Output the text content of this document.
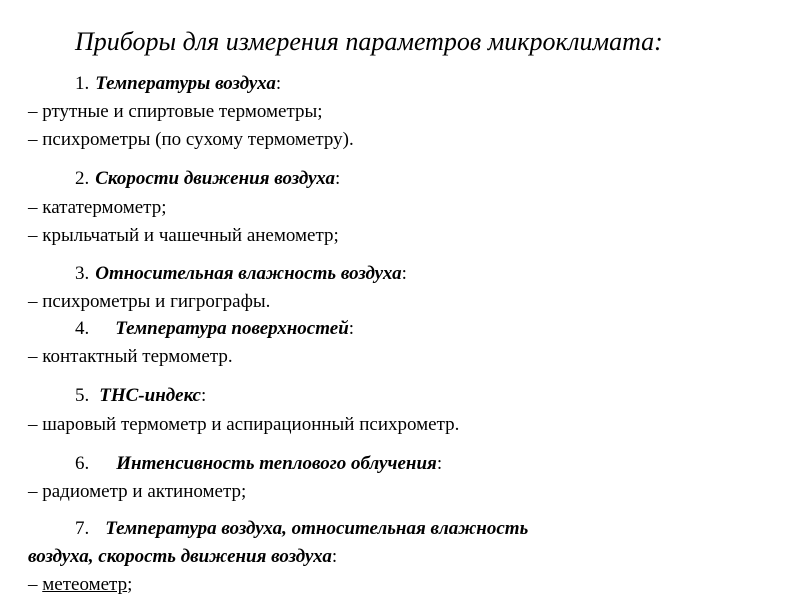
Приборы для измерения параметров микроклимата:
1. Температуры воздуха:
– ртутные и спиртовые термометры;
– психрометры (по сухому термометру).
2. Скорости движения воздуха:
– кататермометр;
– крыльчатый и чашечный анемометр;
3. Относительная влажность воздуха:
– психрометры и гигрографы.
4. Температура поверхностей:
– контактный термометр.
5. ТНС-индекс:
– шаровый термометр и аспирационный психрометр.
6. Интенсивность теплового облучения:
– радиометр и актинометр;
7. Температура воздуха, относительная влажность
воздуха, скорость движения воздуха:
– метеометр;
